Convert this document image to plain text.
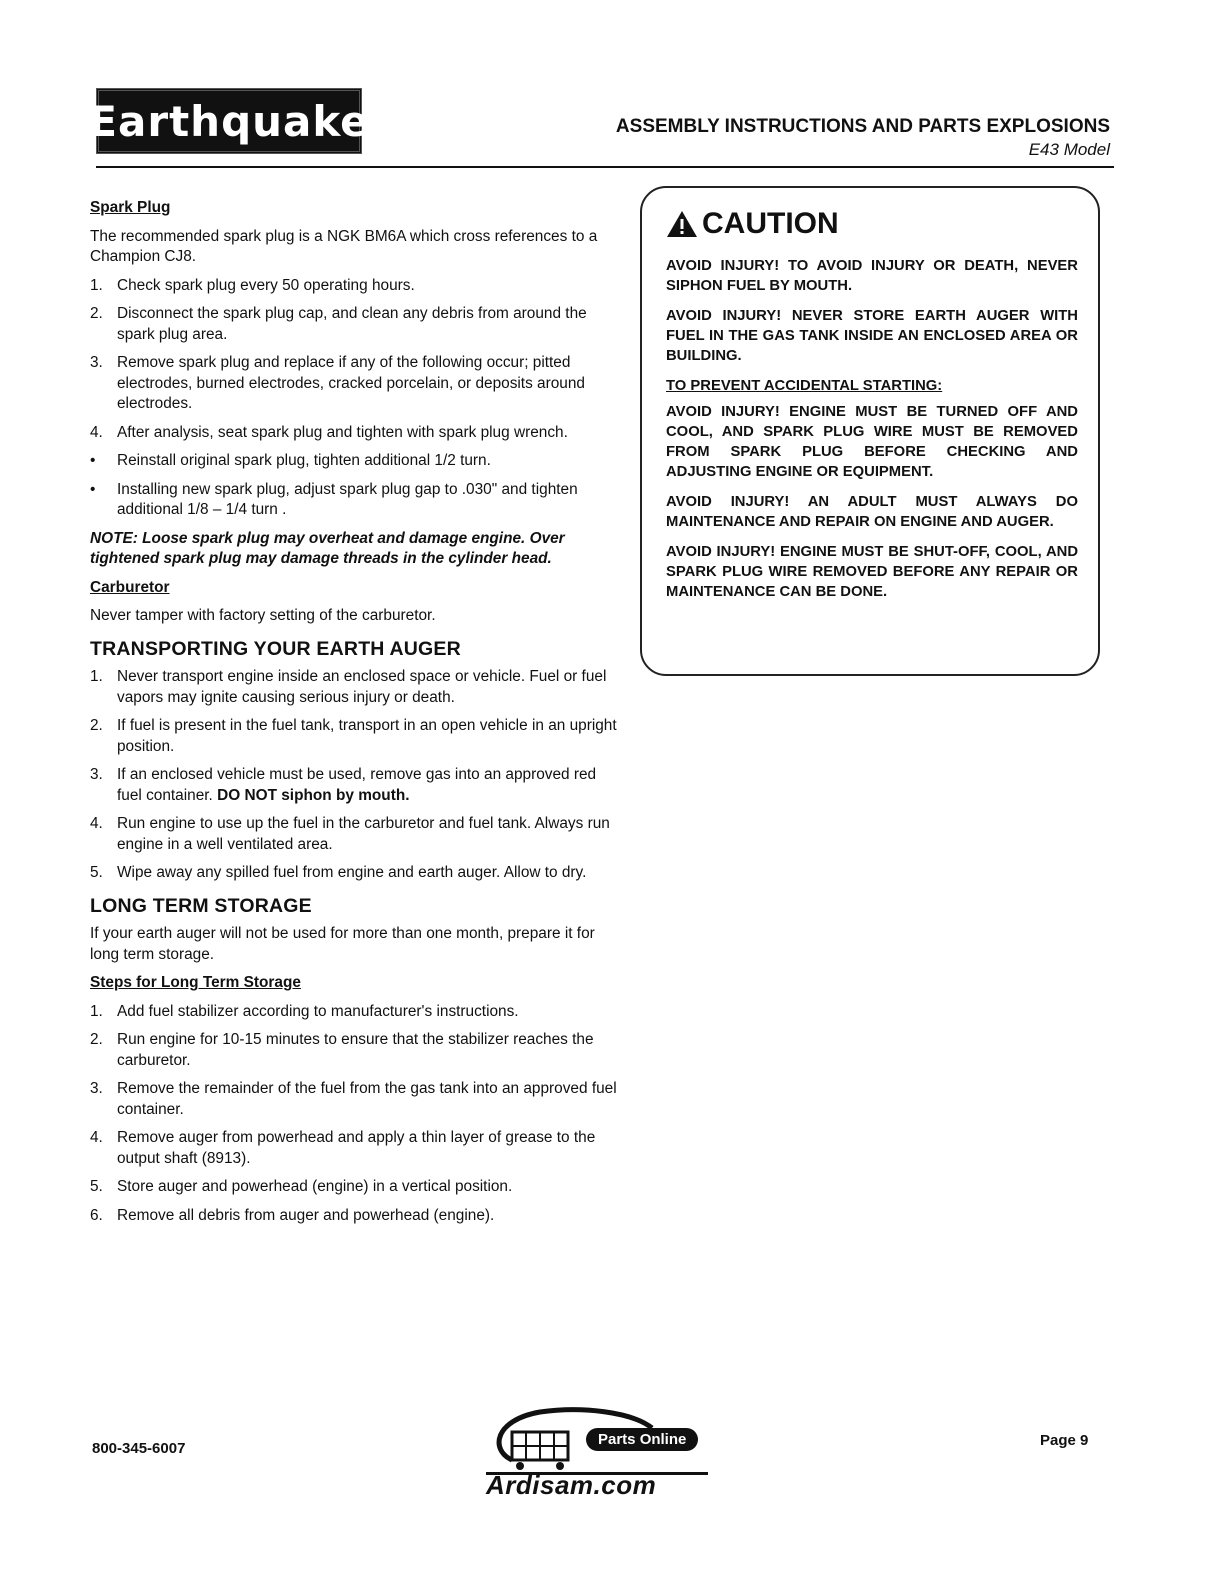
Earthquake	ASSEMBLY INSTRUCTIONS AND PARTS EXPLOSIONS
E43 Model
Spark Plug

The recommended spark plug is a NGK BM6A which cross references to a Champion CJ8.

1. Check spark plug every 50 operating hours.
2. Disconnect the spark plug cap, and clean any debris from around the spark plug area.
3. Remove spark plug and replace if any of the following occur; pitted electrodes, burned electrodes, cracked porcelain, or deposits around electrodes.
4. After analysis, seat spark plug and tighten with spark plug wrench.
• Reinstall original spark plug, tighten additional 1/2 turn.
• Installing new spark plug, adjust spark plug gap to .030" and tighten additional 1/8 – 1/4 turn .

NOTE: Loose spark plug may overheat and damage engine. Over tightened spark plug may damage threads in the cylinder head.

Carburetor

Never tamper with factory setting of the carburetor.

TRANSPORTING YOUR EARTH AUGER
1. Never transport engine inside an enclosed space or vehicle. Fuel or fuel vapors may ignite causing serious injury or death.
2. If fuel is present in the fuel tank, transport in an open vehicle in an upright position.
3. If an enclosed vehicle must be used, remove gas into an approved red fuel container. DO NOT siphon by mouth.
4. Run engine to use up the fuel in the carburetor and fuel tank. Always run engine in a well ventilated area.
5. Wipe away any spilled fuel from engine and earth auger. Allow to dry.
LONG TERM STORAGE

If your earth auger will not be used for more than one month, prepare it for long term storage.

Steps for Long Term Storage
1. Add fuel stabilizer according to manufacturer's instructions.
2. Run engine for 10-15 minutes to ensure that the stabilizer reaches the carburetor.
3. Remove the remainder of the fuel from the gas tank into an approved fuel container.
4. Remove auger from powerhead and apply a thin layer of grease to the output shaft (8913).
5. Store auger and powerhead (engine) in a vertical position.
6. Remove all debris from auger and powerhead (engine).
CAUTION

AVOID INJURY! TO AVOID INJURY OR DEATH, NEVER SIPHON FUEL BY MOUTH.

AVOID INJURY! NEVER STORE EARTH AUGER WITH FUEL IN THE GAS TANK INSIDE AN ENCLOSED AREA OR BUILDING.

TO PREVENT ACCIDENTAL STARTING:

AVOID INJURY! ENGINE MUST BE TURNED OFF AND COOL, AND SPARK PLUG WIRE MUST BE REMOVED FROM SPARK PLUG BEFORE CHECKING AND ADJUSTING ENGINE OR EQUIPMENT.

AVOID INJURY! AN ADULT MUST ALWAYS DO MAINTENANCE AND REPAIR ON ENGINE AND AUGER.

AVOID INJURY! ENGINE MUST BE SHUT-OFF, COOL, AND SPARK PLUG WIRE REMOVED BEFORE ANY REPAIR OR MAINTENANCE CAN BE DONE.

800-345-6007
Parts Online
Ardisam.com
Page 9
